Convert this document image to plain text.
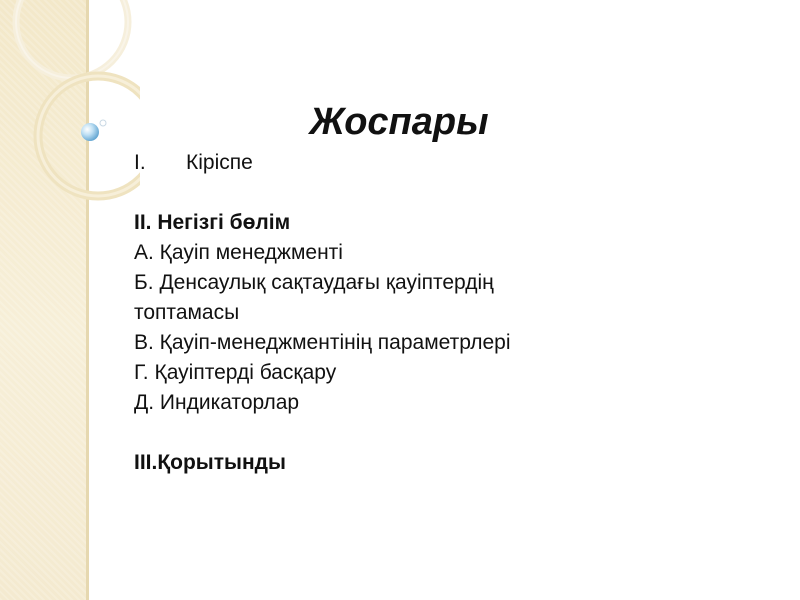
Жоспары
I.	Кіріспе

II. Негізгі бөлім

А. Қауіп менеджменті

Б. Денсаулық сақтаудағы қауіптердің

топтамасы

В. Қауіп-менеджментінің параметрлері

Г. Қауіптерді басқару

Д. Индикаторлар

III.Қорытынды
